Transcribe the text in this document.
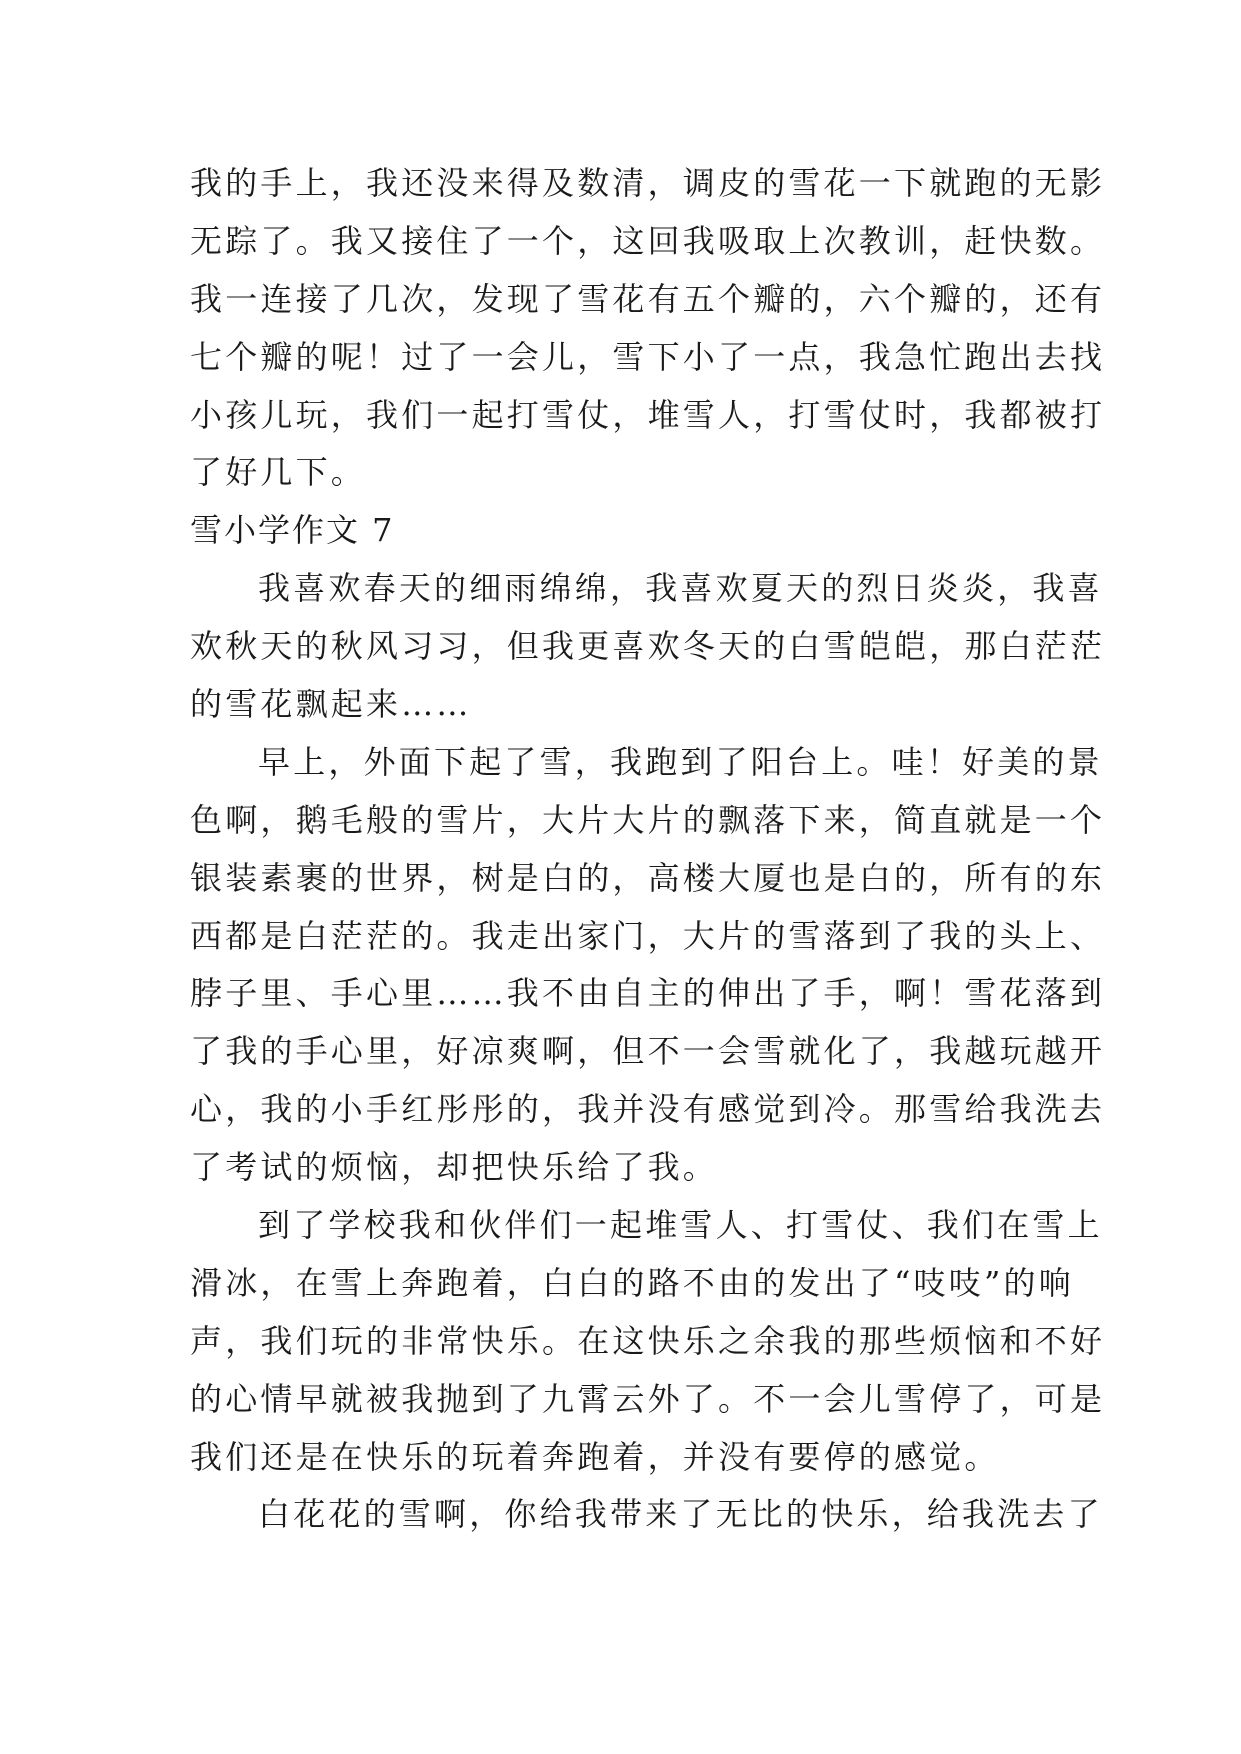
我的手上，我还没来得及数清，调皮的雪花一下就跑的无影
无踪了。我又接住了一个，这回我吸取上次教训，赶快数。
我一连接了几次，发现了雪花有五个瓣的，六个瓣的，还有
七个瓣的呢！过了一会儿，雪下小了一点，我急忙跑出去找
小孩儿玩，我们一起打雪仗，堆雪人，打雪仗时，我都被打
了好几下。
雪小学作文 7
我喜欢春天的细雨绵绵，我喜欢夏天的烈日炎炎，我喜
欢秋天的秋风习习，但我更喜欢冬天的白雪皑皑，那白茫茫
的雪花飘起来……
早上，外面下起了雪，我跑到了阳台上。哇！好美的景
色啊，鹅毛般的雪片，大片大片的飘落下来，简直就是一个
银装素裹的世界，树是白的，高楼大厦也是白的，所有的东
西都是白茫茫的。我走出家门，大片的雪落到了我的头上、
脖子里、手心里……我不由自主的伸出了手，啊！雪花落到
了我的手心里，好凉爽啊，但不一会雪就化了，我越玩越开
心，我的小手红彤彤的，我并没有感觉到冷。那雪给我洗去
了考试的烦恼，却把快乐给了我。
到了学校我和伙伴们一起堆雪人、打雪仗、我们在雪上
滑冰，在雪上奔跑着，白白的路不由的发出了“吱吱”的响
声，我们玩的非常快乐。在这快乐之余我的那些烦恼和不好
的心情早就被我抛到了九霄云外了。不一会儿雪停了，可是
我们还是在快乐的玩着奔跑着，并没有要停的感觉。
白花花的雪啊，你给我带来了无比的快乐，给我洗去了
